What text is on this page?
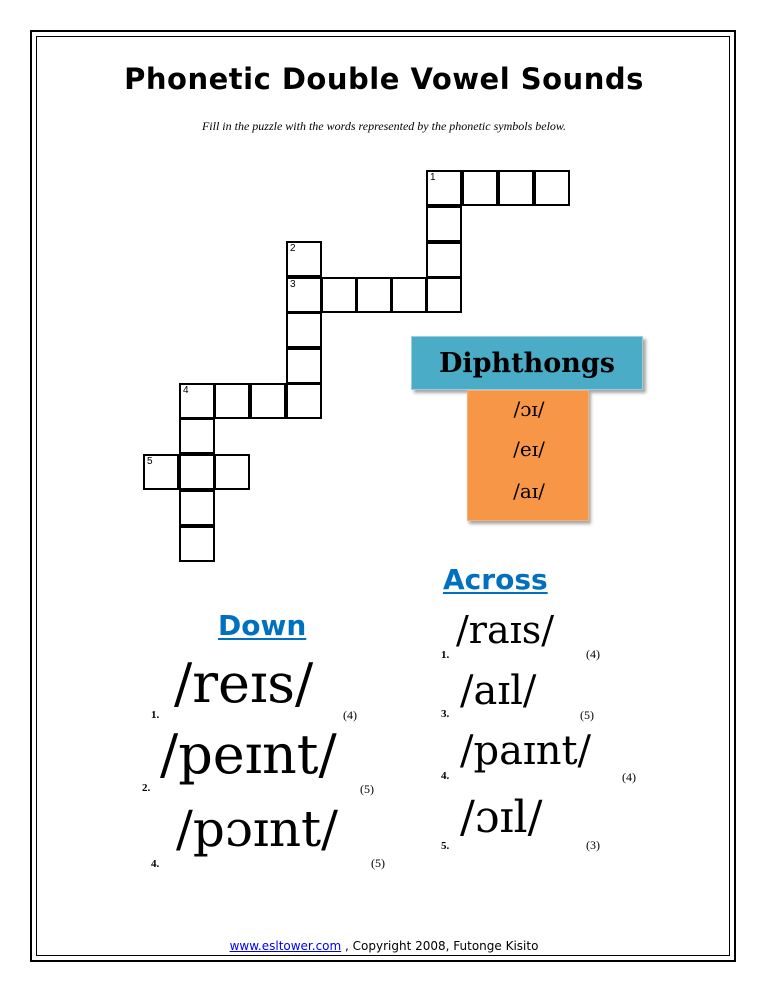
Phonetic Double Vowel Sounds
Fill in the puzzle with the words represented by the phonetic symbols below.
1
2
3
4
5
Diphthongs
/ɔɪ/
/eɪ/
/aɪ/
Across
1.
/raɪs/
(4)
3. /aɪl/
(5)
4.
/paɪnt/
(4)
5.
/ɔɪl/
(3)
Down
1. /reɪs/ (4)
2.
/peɪnt/
(5)
4.
/pɔɪnt/
(5)
www.esltower.com , Copyright 2008, Futonge Kisito
